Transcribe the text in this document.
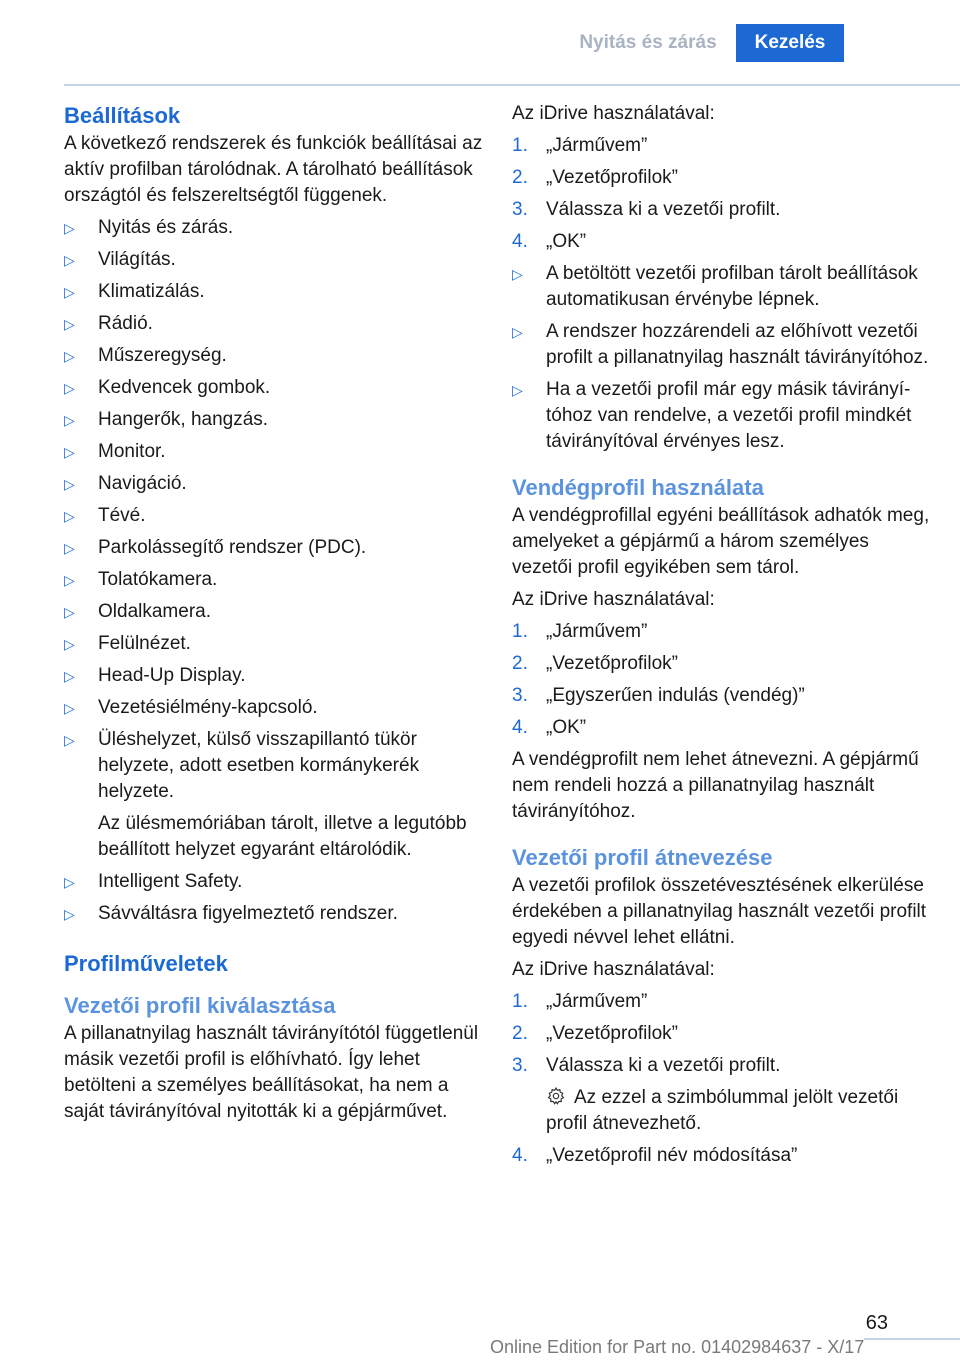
Nyitás és zárás	Kezelés
Beállítások

A következő rendszerek és funkciók beállításai az aktív profilban tárolódnak. A tárolható beállítások országtól és felszereltségtől függenek.

▷ Nyitás és zárás.
▷ Világítás.
▷ Klimatizálás.
▷ Rádió.
▷ Műszeregység.
▷ Kedvencek gombok.
▷ Hangerők, hangzás.
▷ Monitor.
▷ Navigáció.
▷ Tévé.
▷ Parkolássegítő rendszer (PDC).
▷ Tolatókamera.
▷ Oldalkamera.
▷ Felülnézet.
▷ Head-Up Display.
▷ Vezetésiélmény-kapcsoló.
▷ Üléshelyzet, külső visszapillantó tükör helyzete, adott esetben kormánykerék helyzete.
Az ülésmemóriában tárolt, illetve a legutóbb beállított helyzet egyaránt eltárolódik.
▷ Intelligent Safety.
▷ Sávváltásra figyelmeztető rendszer.
Profilműveletek
Vezetői profil kiválasztása

A pillanatnyilag használt távirányítótól függetlenül másik vezetői profil is előhívható. Így lehet betölteni a személyes beállításokat, ha nem a saját távirányítóval nyitották ki a gépjárművet.

Az iDrive használatával:

1. „Járművem”
2. „Vezetőprofilok”
3. Válassza ki a vezetői profilt.
4. „OK”
▷ A betöltött vezetői profilban tárolt beállítások automatikusan érvénybe lépnek.
▷ A rendszer hozzárendeli az előhívott vezetői profilt a pillanatnyilag használt távirányítóhoz.
▷ Ha a vezetői profil már egy másik távirányítóhoz van rendelve, a vezetői profil mindkét távirányítóval érvényes lesz.
Vendégprofil használata

A vendégprofillal egyéni beállítások adhatók meg, amelyeket a gépjármű a három személyes vezetői profil egyikében sem tárol.

Az iDrive használatával:

1. „Járművem”
2. „Vezetőprofilok”
3. „Egyszerűen indulás (vendég)”
4. „OK”

A vendégprofilt nem lehet átnevezni. A gépjármű nem rendeli hozzá a pillanatnyilag használt távirányítóhoz.

Vezetői profil átnevezése

A vezetői profilok összetévesztésének elkerülése érdekében a pillanatnyilag használt vezetői profilt egyedi névvel lehet ellátni.

Az iDrive használatával:

1. „Járművem”
2. „Vezetőprofilok”
3. Válassza ki a vezetői profilt.
Az ezzel a szimbólummal jelölt vezetői profil átnevezhető.
4. „Vezetőprofil név módosítása”
63
Online Edition for Part no. 01402984637 - X/17
